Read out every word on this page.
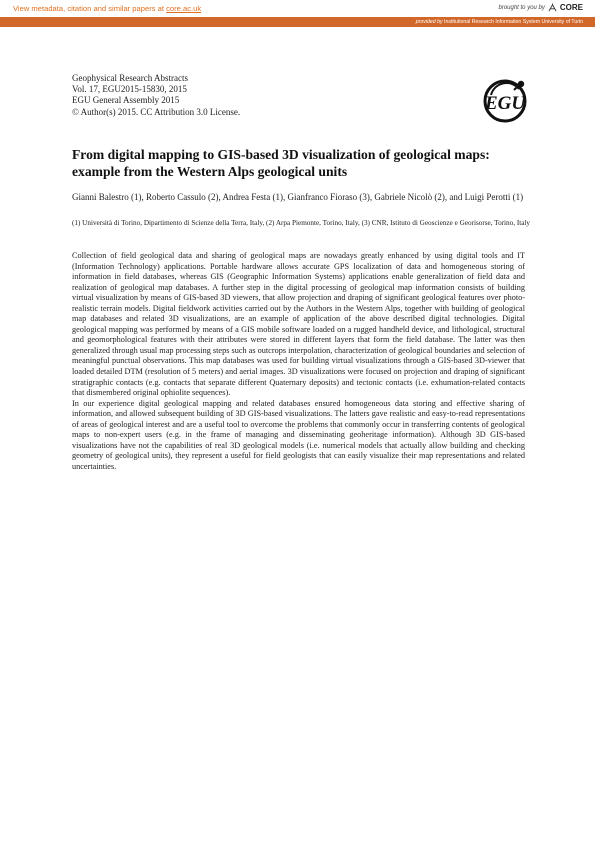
View metadata, citation and similar papers at core.ac.uk	brought to you by CORE
provided by Institutional Research Information System University of Turin
Geophysical Research Abstracts
Vol. 17, EGU2015-15830, 2015
EGU General Assembly 2015
© Author(s) 2015. CC Attribution 3.0 License.	EGU
From digital mapping to GIS-based 3D visualization of geological maps: example from the Western Alps geological units
Gianni Balestro (1), Roberto Cassulo (2), Andrea Festa (1), Gianfranco Fioraso (3), Gabriele Nicolò (2), and Luigi Perotti (1)
(1) Università di Torino, Dipartimento di Scienze della Terra, Italy, (2) Arpa Piemonte, Torino, Italy, (3) CNR, Istituto di Geoscienze e Georisorse, Torino, Italy

Collection of field geological data and sharing of geological maps are nowadays greatly enhanced by using digital tools and IT (Information Technology) applications. Portable hardware allows accurate GPS localization of data and homogeneous storing of information in field databases, whereas GIS (Geographic Information Systems) applications enable generalization of field data and realization of geological map databases. A further step in the digital processing of geological map information consists of building virtual visualization by means of GIS-based 3D viewers, that allow projection and draping of significant geological features over photo-realistic terrain models. Digital fieldwork activities carried out by the Authors in the Western Alps, together with building of geological map databases and related 3D visualizations, are an example of application of the above described digital technologies. Digital geological mapping was performed by means of a GIS mobile software loaded on a rugged handheld device, and lithological, structural and geomorphological features with their attributes were stored in different layers that form the field database. The latter was then generalized through usual map processing steps such as outcrops interpolation, characterization of geological boundaries and selection of meaningful punctual observations. This map databases was used for building virtual visualizations through a GIS-based 3D-viewer that loaded detailed DTM (resolution of 5 meters) and aerial images. 3D visualizations were focused on projection and draping of significant stratigraphic contacts (e.g. contacts that separate different Quaternary deposits) and tectonic contacts (i.e. exhumation-related contacts that dismembered original ophiolite sequences).

In our experience digital geological mapping and related databases ensured homogeneous data storing and effective sharing of information, and allowed subsequent building of 3D GIS-based visualizations. The latters gave realistic and easy-to-read representations of areas of geological interest and are a useful tool to overcome the problems that commonly occur in transferring contents of geological maps to non-expert users (e.g. in the frame of managing and disseminating geoheritage information). Although 3D GIS-based visualizations have not the capabilities of real 3D geological models (i.e. numerical models that actually allow building and checking geometry of geological units), they represent a useful for field geologists that can easily visualize their map representations and related uncertainties.
